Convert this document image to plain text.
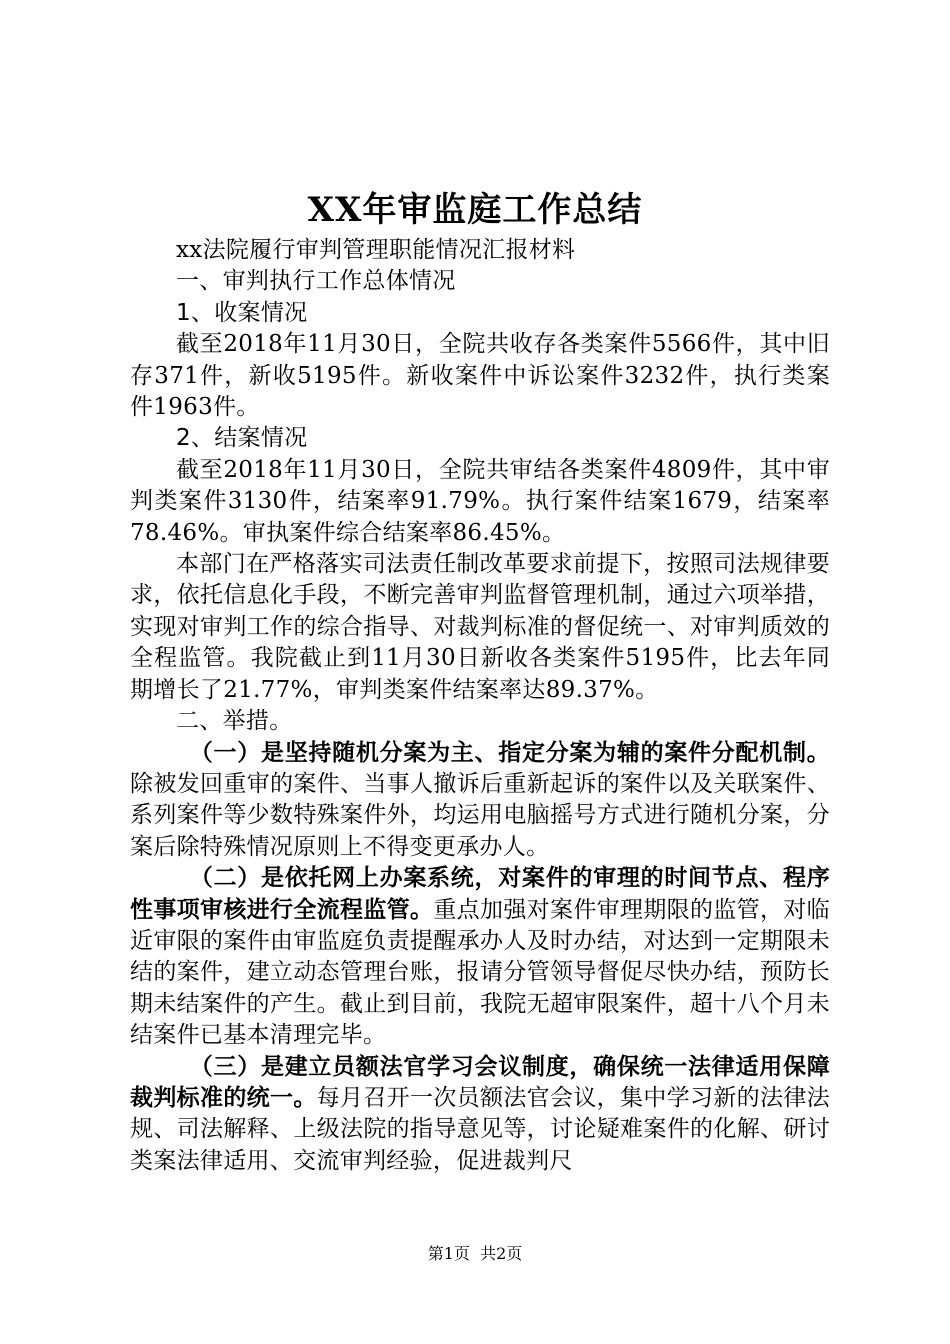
XX年审监庭工作总结

xx法院履行审判管理职能情况汇报材料

一、审判执行工作总体情况

1、收案情况

截至2018年11月30日，全院共收存各类案件5566件，其中旧存371件，新收5195件。新收案件中诉讼案件3232件，执行类案件1963件。

2、结案情况

截至2018年11月30日，全院共审结各类案件4809件，其中审判类案件3130件，结案率91.79%。执行案件结案1679，结案率78.46%。审执案件综合结案率86.45%。

本部门在严格落实司法责任制改革要求前提下，按照司法规律要求，依托信息化手段，不断完善审判监督管理机制，通过六项举措，实现对审判工作的综合指导、对裁判标准的督促统一、对审判质效的全程监管。我院截止到11月30日新收各类案件5195件，比去年同期增长了21.77%，审判类案件结案率达89.37%。

二、举措。

（一）是坚持随机分案为主、指定分案为辅的案件分配机制。除被发回重审的案件、当事人撤诉后重新起诉的案件以及关联案件、系列案件等少数特殊案件外，均运用电脑摇号方式进行随机分案，分案后除特殊情况原则上不得变更承办人。

（二）是依托网上办案系统，对案件的审理的时间节点、程序性事项审核进行全流程监管。重点加强对案件审理期限的监管，对临近审限的案件由审监庭负责提醒承办人及时办结，对达到一定期限未结的案件，建立动态管理台账，报请分管领导督促尽快办结，预防长期未结案件的产生。截止到目前，我院无超审限案件，超十八个月未结案件已基本清理完毕。

（三）是建立员额法官学习会议制度，确保统一法律适用保障裁判标准的统一。每月召开一次员额法官会议，集中学习新的法律法规、司法解释、上级法院的指导意见等，讨论疑难案件的化解、研讨类案法律适用、交流审判经验，促进裁判尺

第1页 共2页
